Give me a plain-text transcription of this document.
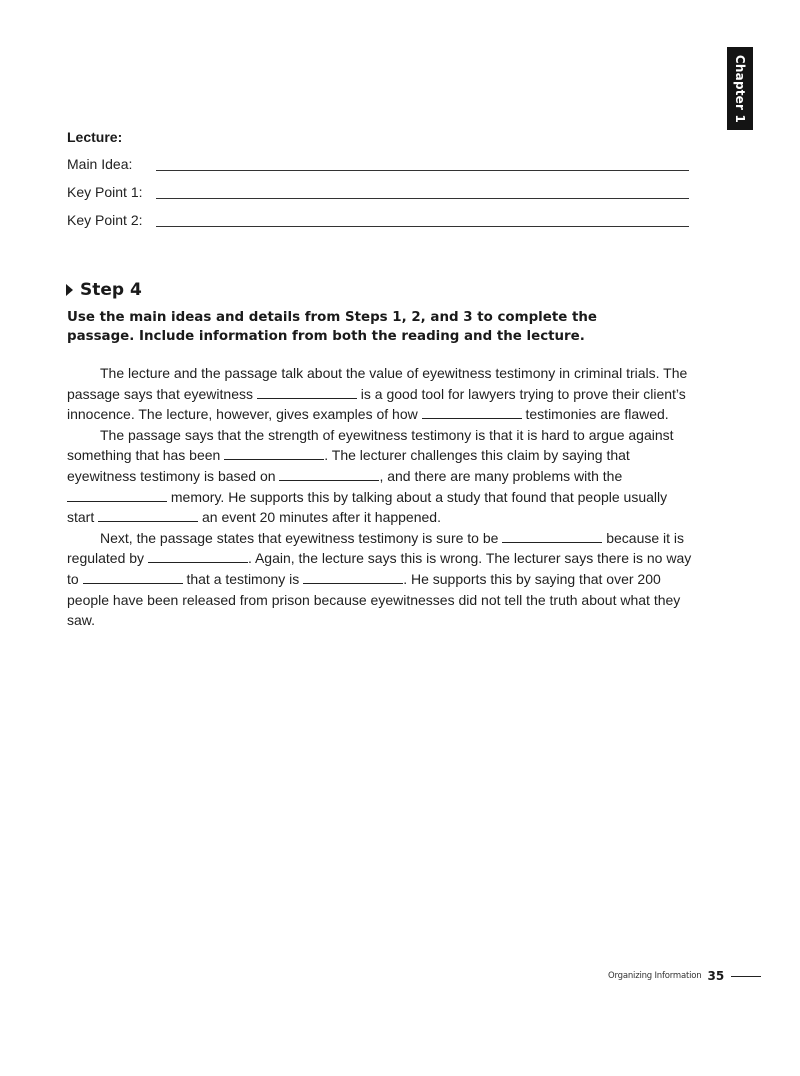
Chapter 1
Lecture:
Main Idea:
Key Point 1:
Key Point 2:
Step 4
Use the main ideas and details from Steps 1, 2, and 3 to complete the passage. Include information from both the reading and the lecture.

The lecture and the passage talk about the value of eyewitness testimony in criminal trials. The passage says that eyewitness	is a good tool for lawyers trying to prove their client’s innocence. The lecture, however, gives examples of how	testimonies are flawed.

The passage says that the strength of eyewitness testimony is that it is hard to argue against something that has been	. The lecturer challenges this claim by saying that eyewitness testimony is based on	, and there are many problems with the  memory. He supports this by talking about a study that found that people usually start	an event 20 minutes after it happened.

Next, the passage states that eyewitness testimony is sure to be	because it is regulated by	. Again, the lecture says this is wrong. The lecturer says there is no way to	that a testimony is	. He supports this by saying that over 200 people have been released from prison because eyewitnesses did not tell the truth about what they saw.

Organizing Information 35
